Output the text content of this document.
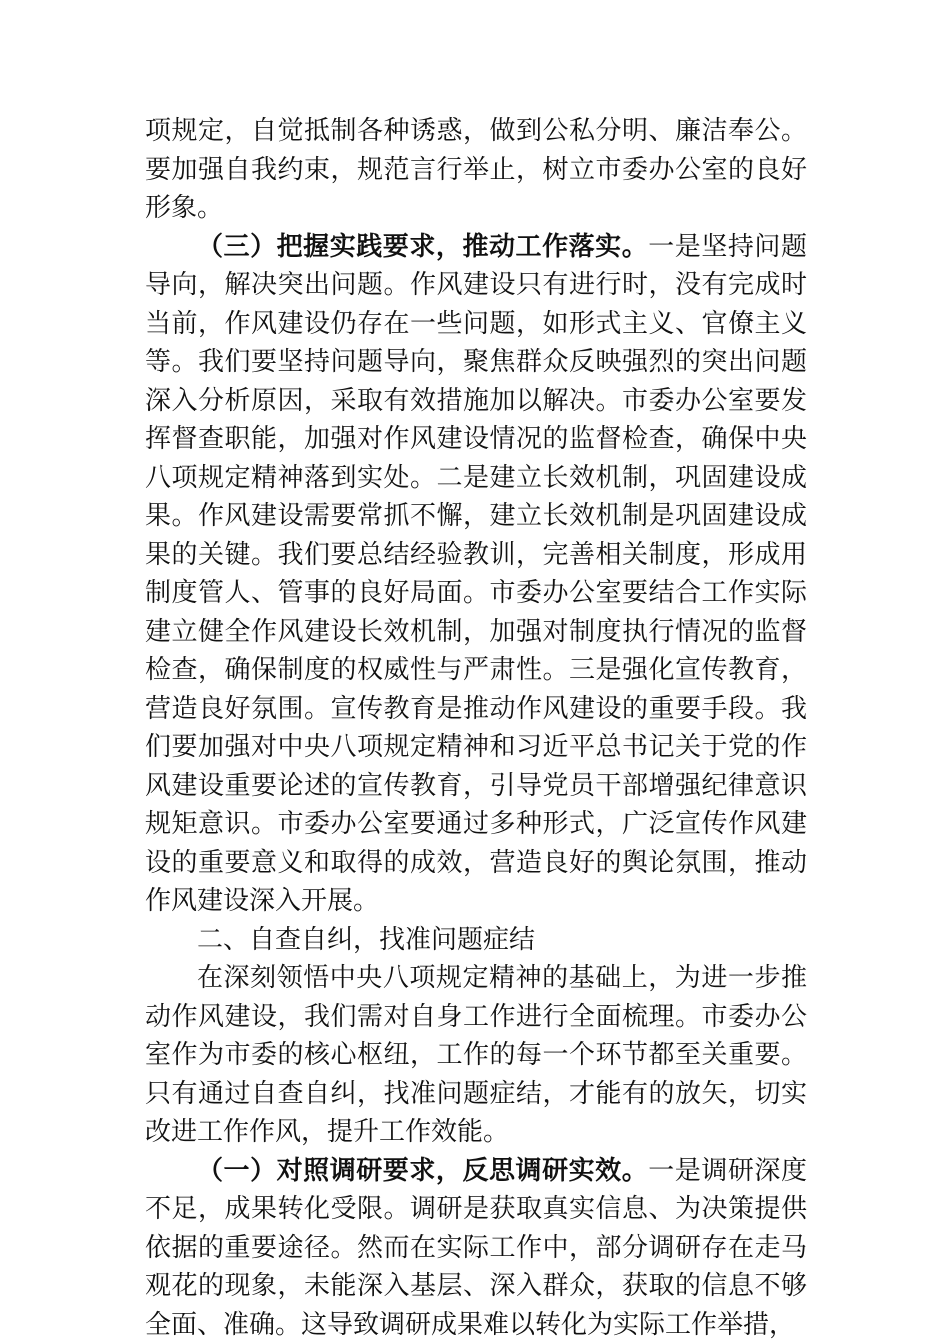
项规定，自觉抵制各种诱惑，做到公私分明、廉洁奉公。要加强自我约束，规范言行举止，树立市委办公室的良好形象。

（三）把握实践要求，推动工作落实。一是坚持问题导向，解决突出问题。作风建设只有进行时，没有完成时当前，作风建设仍存在一些问题，如形式主义、官僚主义等。我们要坚持问题导向，聚焦群众反映强烈的突出问题深入分析原因，采取有效措施加以解决。市委办公室要发挥督查职能，加强对作风建设情况的监督检查，确保中央八项规定精神落到实处。二是建立长效机制，巩固建设成果。作风建设需要常抓不懈，建立长效机制是巩固建设成果的关键。我们要总结经验教训，完善相关制度，形成用制度管人、管事的良好局面。市委办公室要结合工作实际建立健全作风建设长效机制，加强对制度执行情况的监督检查，确保制度的权威性与严肃性。三是强化宣传教育，营造良好氛围。宣传教育是推动作风建设的重要手段。我们要加强对中央八项规定精神和习近平总书记关于党的作风建设重要论述的宣传教育，引导党员干部增强纪律意识规矩意识。市委办公室要通过多种形式，广泛宣传作风建设的重要意义和取得的成效，营造良好的舆论氛围，推动作风建设深入开展。

二、自查自纠，找准问题症结

在深刻领悟中央八项规定精神的基础上，为进一步推动作风建设，我们需对自身工作进行全面梳理。市委办公室作为市委的核心枢纽，工作的每一个环节都至关重要。只有通过自查自纠，找准问题症结，才能有的放矢，切实改进工作作风，提升工作效能。

（一）对照调研要求，反思调研实效。一是调研深度不足，成果转化受限。调研是获取真实信息、为决策提供依据的重要途径。然而在实际工作中，部分调研存在走马观花的现象，未能深入基层、深入群众，获取的信息不够全面、准确。这导致调研成果难以转化为实际工作举措，
